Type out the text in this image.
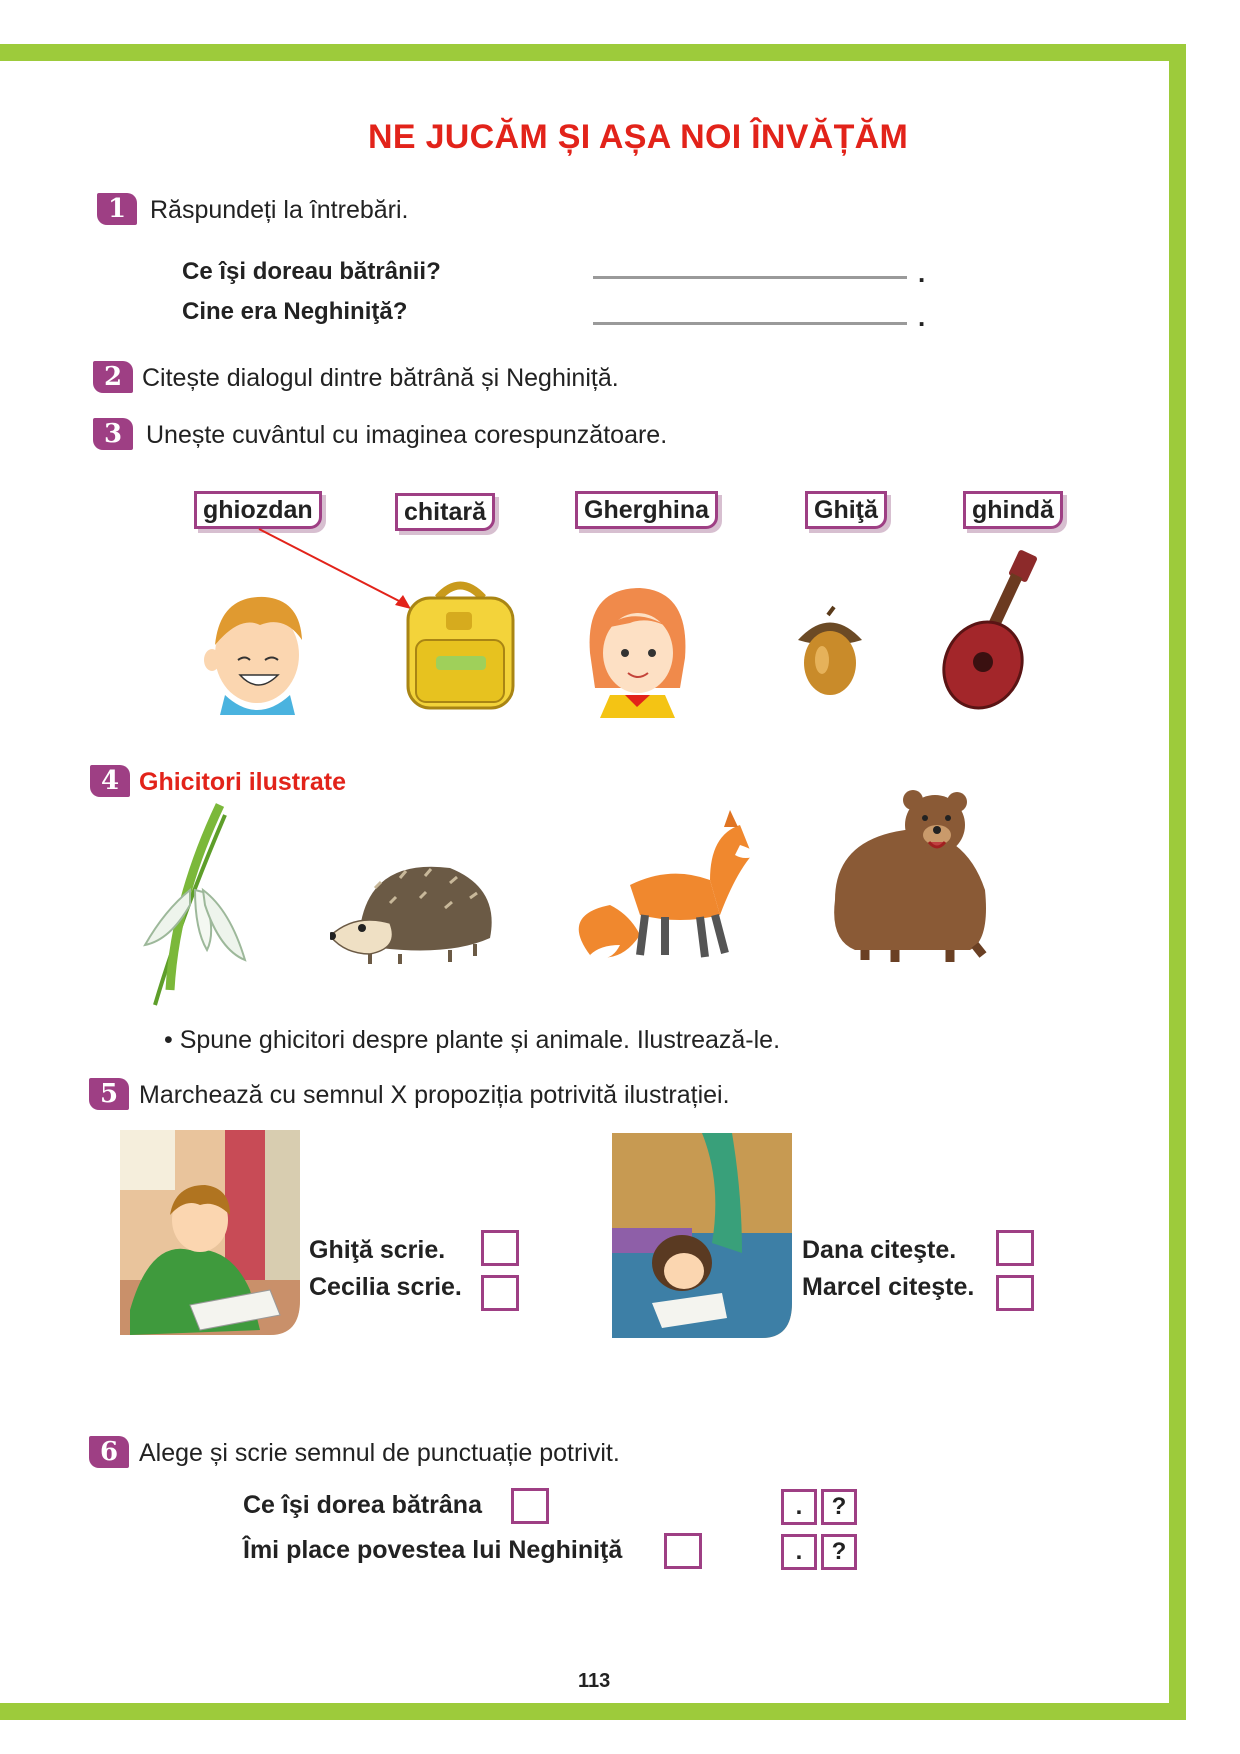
NE JUCĂM ȘI AȘA NOI ÎNVĂȚĂM
1 Răspundeți la întrebări.
Ce îşi doreau bătrânii?	.
Cine era Neghiniţă?	.
2 Citește dialogul dintre bătrână și Neghiniță.
3 Unește cuvântul cu imaginea corespunzătoare.
ghiozdan	chitară	Gherghina	Ghiţă	ghindă
4 Ghicitori ilustrate
• Spune ghicitori despre plante și animale. Ilustrează-le.
5 Marchează cu semnul X propoziția potrivită ilustrației.
Ghiţă scrie.
Cecilia scrie.
Dana citeşte.
Marcel citeşte.
6 Alege și scrie semnul de punctuație potrivit.
Ce îşi dorea bătrâna	.	?
Îmi place povestea lui Neghiniţă	.	?
113
